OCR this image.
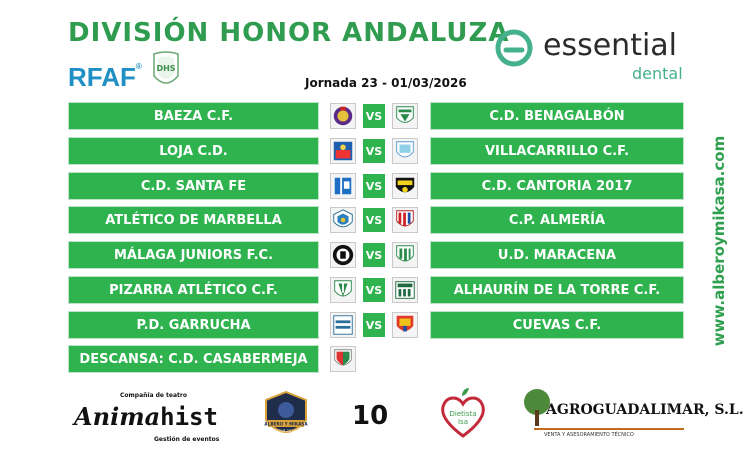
DIVISIÓN HONOR ANDALUZA
RFAF® DHS
Jornada 23 - 01/03/2026
essential
dental
www.alberoymikasa.com
BAEZA C.F.	VS	C.D. BENAGALBÓN
LOJA C.D.	VS	VILLACARRILLO C.F.
C.D. SANTA FE	VS	C.D. CANTORIA 2017
ATLÉTICO DE MARBELLA	VS	C.P. ALMERÍA
MÁLAGA JUNIORS F.C.	VS	U.D. MARACENA
PIZARRA ATLÉTICO C.F.	VS	ALHAURÍN DE LA TORRE C.F.
P.D. GARRUCHA	VS	CUEVAS C.F.
DESCANSA: C.D. CASABERMEJA
Compañía de teatro
Animahist
Gestión de eventos
ALBERO Y MIKASA
2016-2026
10
10	Dietista
Isa
AGROGUADALIMAR, S.L.
VENTA Y ASESORAMIENTO TÉCNICO
